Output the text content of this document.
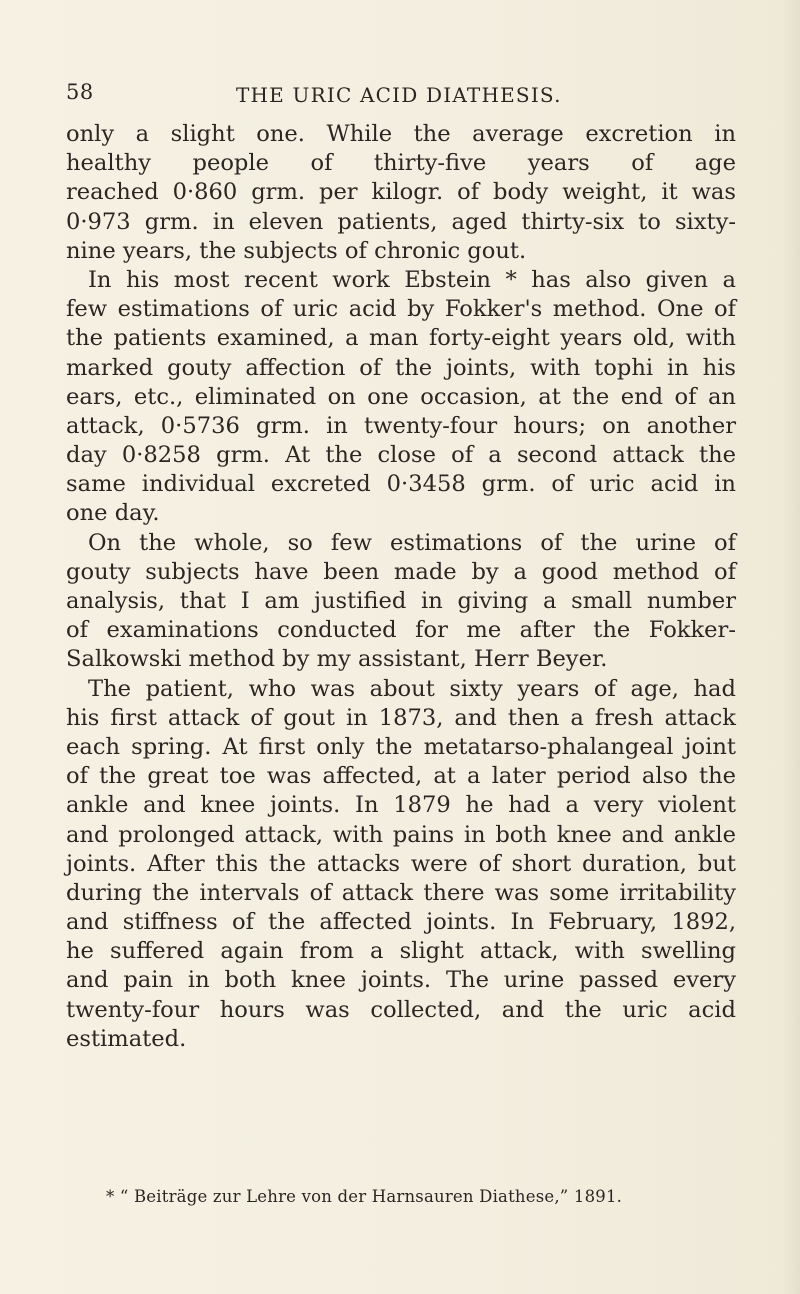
58	THE URIC ACID DIATHESIS.
only a slight one. While the average excretion in
healthy people of thirty-five years of age
reached 0·860 grm. per kilogr. of body weight, it was
0·973 grm. in eleven patients, aged thirty-six to sixty-
nine years, the subjects of chronic gout.
In his most recent work Ebstein * has also given a
few estimations of uric acid by Fokker's method. One of
the patients examined, a man forty-eight years old, with
marked gouty affection of the joints, with tophi in his
ears, etc., eliminated on one occasion, at the end of an
attack, 0·5736 grm. in twenty-four hours; on another
day 0·8258 grm. At the close of a second attack the
same individual excreted 0·3458 grm. of uric acid in
one day.
On the whole, so few estimations of the urine of
gouty subjects have been made by a good method of
analysis, that I am justified in giving a small number
of examinations conducted for me after the Fokker-
Salkowski method by my assistant, Herr Beyer.
The patient, who was about sixty years of age, had
his first attack of gout in 1873, and then a fresh attack
each spring. At first only the metatarso-phalangeal joint
of the great toe was affected, at a later period also the
ankle and knee joints. In 1879 he had a very violent
and prolonged attack, with pains in both knee and ankle
joints. After this the attacks were of short duration, but
during the intervals of attack there was some irritability
and stiffness of the affected joints. In February, 1892,
he suffered again from a slight attack, with swelling
and pain in both knee joints. The urine passed every
twenty-four hours was collected, and the uric acid
estimated.
* “ Beiträge zur Lehre von der Harnsauren Diathese,” 1891.
